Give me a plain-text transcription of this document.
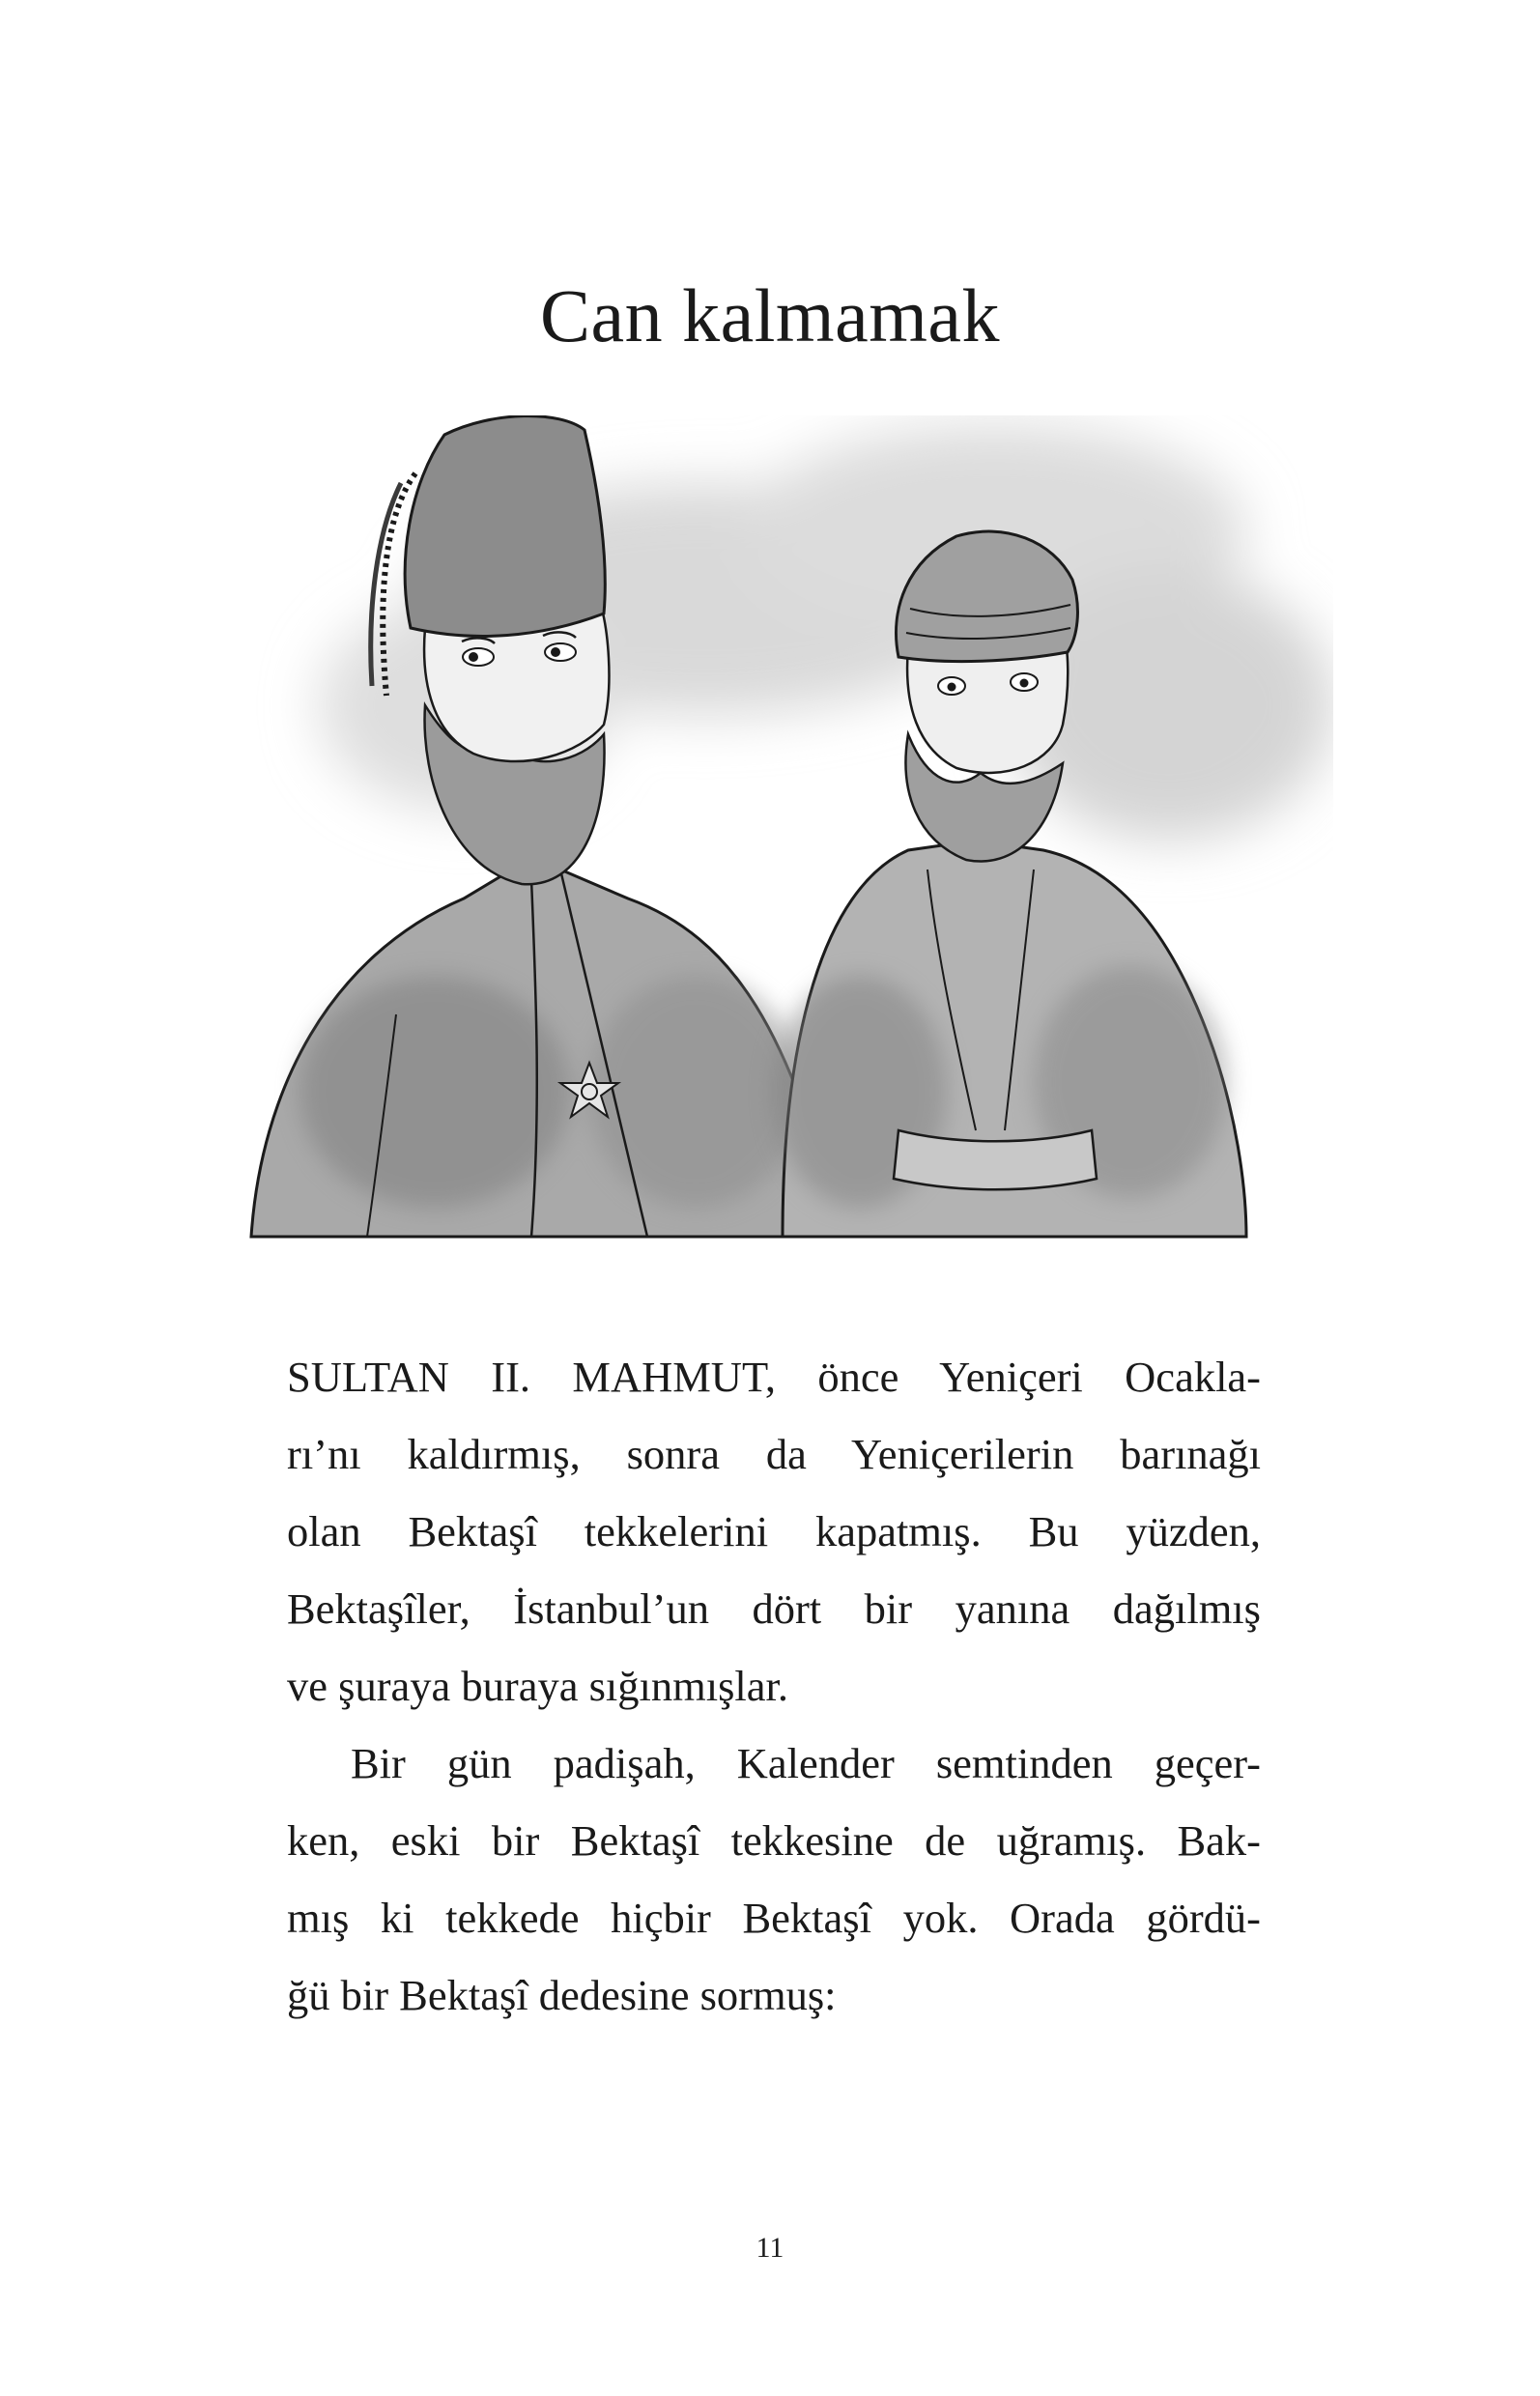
Can kalmamak
SULTAN II. MAHMUT, önce Yeniçeri Ocakla-
rı’nı kaldırmış, sonra da Yeniçerilerin barınağı
olan Bektaşî tekkelerini kapatmış. Bu yüzden,
Bektaşîler, İstanbul’un dört bir yanına dağılmış
ve şuraya buraya sığınmışlar.
Bir gün padişah, Kalender semtinden geçer-
ken, eski bir Bektaşî tekkesine de uğramış. Bak-
mış ki tekkede hiçbir Bektaşî yok. Orada gördü-
ğü bir Bektaşî dedesine sormuş:
11
